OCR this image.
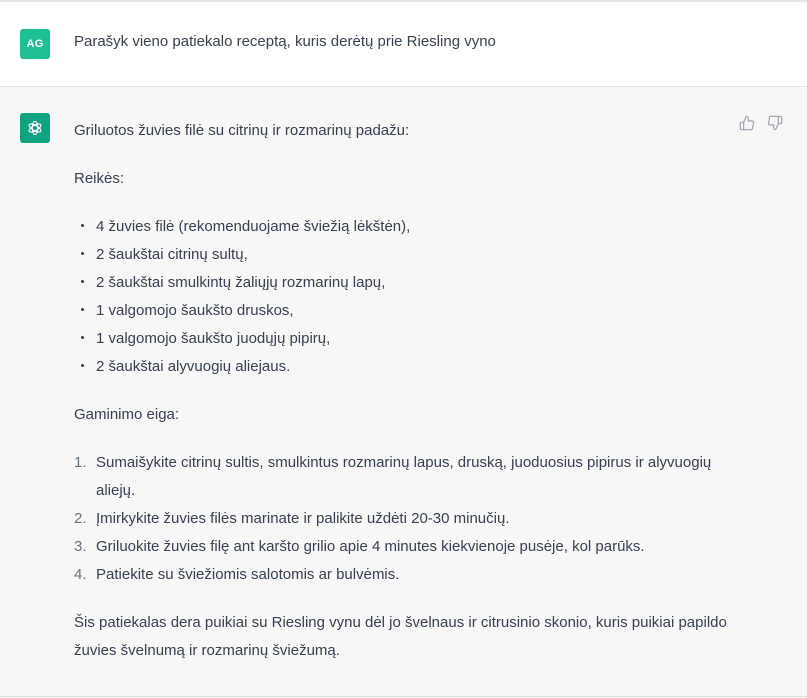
AG Parašyk vieno patiekalo receptą, kuris derėtų prie Riesling vyno

Griluotos žuvies filė su citrinų ir rozmarinų padažu:

Reikės:

4 žuvies filė (rekomenduojame šviežią lėkštėn),
2 šaukštai citrinų sultų,
2 šaukštai smulkintų žaliųjų rozmarinų lapų,
1 valgomojo šaukšto druskos,
1 valgomojo šaukšto juodųjų pipirų,
2 šaukštai alyvuogių aliejaus.

Gaminimo eiga:

1. Sumaišykite citrinų sultis, smulkintus rozmarinų lapus, druską, juoduosius pipirus ir alyvuogių aliejų.
2. Įmirkykite žuvies filės marinate ir palikite uždėti 20-30 minučių.
3. Griluokite žuvies filę ant karšto grilio apie 4 minutes kiekvienoje pusėje, kol parūks.
4. Patiekite su šviežiomis salotomis ar bulvėmis.

Šis patiekalas dera puikiai su Riesling vynu dėl jo švelnaus ir citrusinio skonio, kuris puikiai papildo žuvies švelnumą ir rozmarinų šviežumą.
